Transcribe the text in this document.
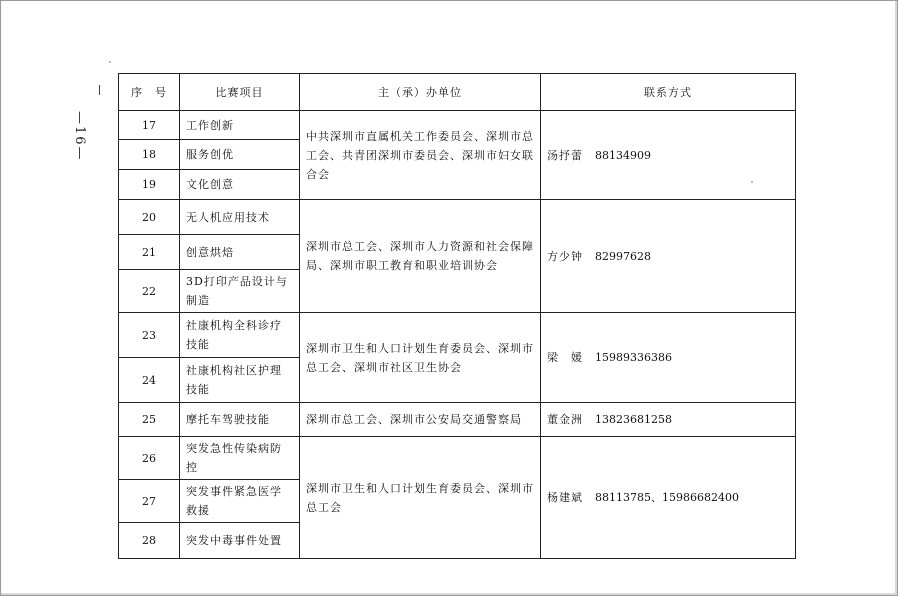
—16—
序　号	比赛项目	主（承）办单位	联系方式
17	工作创新	中共深圳市直属机关工作委员会、深圳市总工会、共青团深圳市委员会、深圳市妇女联合会	汤抒蕾 88134909
18	服务创优		
19	文化创意		
20	无人机应用技术	深圳市总工会、深圳市人力资源和社会保障局、深圳市职工教育和职业培训协会	方少钟 82997628
21	创意烘焙		
22	3D打印产品设计与制造		
23	社康机构全科诊疗技能	深圳市卫生和人口计划生育委员会、深圳市总工会、深圳市社区卫生协会	梁　媛 15989336386
24	社康机构社区护理技能		
25	摩托车驾驶技能	深圳市总工会、深圳市公安局交通警察局	董金洲 13823681258
26	突发急性传染病防控	深圳市卫生和人口计划生育委员会、深圳市总工会	杨建斌 88113785、15986682400
27	突发事件紧急医学救援		
28	突发中毒事件处置		
